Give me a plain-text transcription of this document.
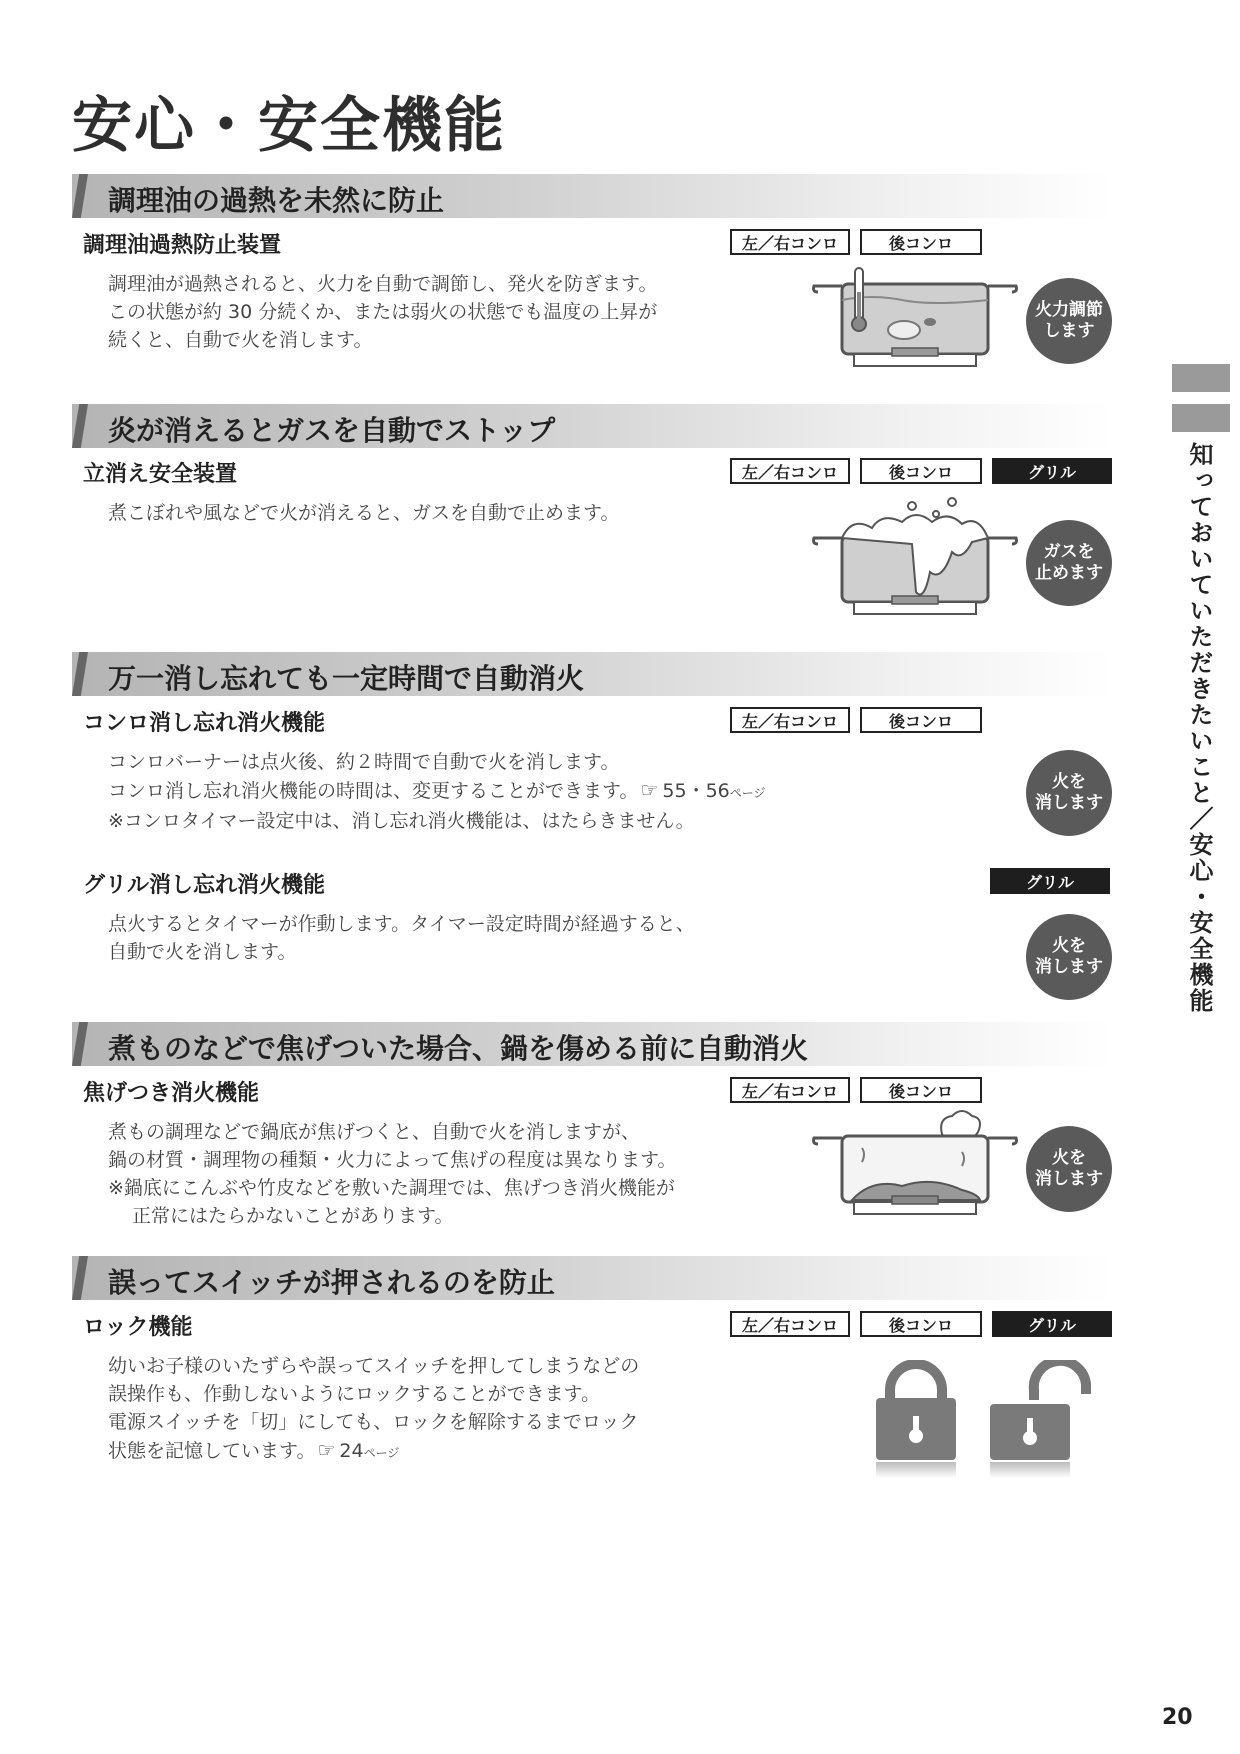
安心・安全機能
調理油の過熱を未然に防止
調理油過熱防止装置	左／右コンロ	後コンロ

調理油が過熱されると、火力を自動で調節し、発火を防ぎます。

この状態が約 30 分続くか、または弱火の状態でも温度の上昇が

続くと、自動で火を消します。

火力調節
します
炎が消えるとガスを自動でストップ
立消え安全装置	左／右コンロ	後コンロ	グリル

煮こぼれや風などで火が消えると、ガスを自動で止めます。

ガスを
止めます
万一消し忘れても一定時間で自動消火
コンロ消し忘れ消火機能	左／右コンロ	後コンロ

コンロバーナーは点火後、約２時間で自動で火を消します。

コンロ消し忘れ消火機能の時間は、変更することができます。 ☞ 55・56ページ

※コンロタイマー設定中は、消し忘れ消火機能は、はたらきません。

火を
消します
グリル消し忘れ消火機能	グリル

点火するとタイマーが作動します。タイマー設定時間が経過すると、

自動で火を消します。	火を
消します
煮ものなどで焦げついた場合、鍋を傷める前に自動消火
焦げつき消火機能	左／右コンロ	後コンロ

煮もの調理などで鍋底が焦げつくと、自動で火を消しますが、

鍋の材質・調理物の種類・火力によって焦げの程度は異なります。

※鍋底にこんぶや竹皮などを敷いた調理では、焦げつき消火機能が

正常にはたらかないことがあります。

火を
消します
誤ってスイッチが押されるのを防止
ロック機能	左／右コンロ	後コンロ	グリル

幼いお子様のいたずらや誤ってスイッチを押してしまうなどの

誤操作も、作動しないようにロックすることができます。

電源スイッチを「切」にしても、ロックを解除するまでロック

状態を記憶しています。 ☞ 24ページ

知っておいていただきたいこと／安心・安全機能
20
